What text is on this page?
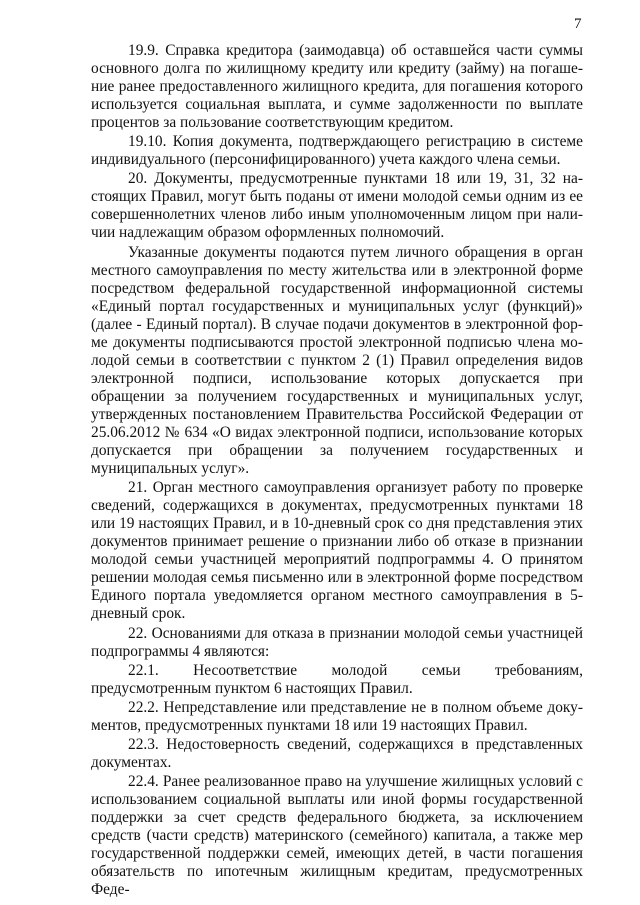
7

19.9. Справка кредитора (заимодавца) об оставшейся части суммы основного долга по жилищному кредиту или кредиту (займу) на погашение ранее предоставленного жилищного кредита, для погашения которого используется социальная выплата, и сумме задолженности по выплате процентов за пользование соответствующим кредитом.

19.10. Копия документа, подтверждающего регистрацию в системе индивидуального (персонифицированного) учета каждого члена семьи.

20. Документы, предусмотренные пунктами 18 или 19, 31, 32 настоящих Правил, могут быть поданы от имени молодой семьи одним из ее совершеннолетних членов либо иным уполномоченным лицом при наличии надлежащим образом оформленных полномочий.

Указанные документы подаются путем личного обращения в орган местного самоуправления по месту жительства или в электронной форме посредством федеральной государственной информационной системы «Единый портал государственных и муниципальных услуг (функций)» (далее - Единый портал). В случае подачи документов в электронной форме документы подписываются простой электронной подписью члена молодой семьи в соответствии с пунктом 2 (1) Правил определения видов электронной подписи, использование которых допускается при обращении за получением государственных и муниципальных услуг, утвержденных постановлением Правительства Российской Федерации от 25.06.2012 № 634 «О видах электронной подписи, использование которых допускается при обращении за получением государственных и муниципальных услуг».

21. Орган местного самоуправления организует работу по проверке сведений, содержащихся в документах, предусмотренных пунктами 18 или 19 настоящих Правил, и в 10-дневный срок со дня представления этих документов принимает решение о признании либо об отказе в признании молодой семьи участницей мероприятий подпрограммы 4. О принятом решении молодая семья письменно или в электронной форме посредством Единого портала уведомляется органом местного самоуправления в 5-дневный срок.

22. Основаниями для отказа в признании молодой семьи участницей подпрограммы 4 являются:

22.1. Несоответствие молодой семьи требованиям, предусмотренным пунктом 6 настоящих Правил.

22.2. Непредставление или представление не в полном объеме документов, предусмотренных пунктами 18 или 19 настоящих Правил.

22.3. Недостоверность сведений, содержащихся в представленных документах.

22.4. Ранее реализованное право на улучшение жилищных условий с использованием социальной выплаты или иной формы государственной поддержки за счет средств федерального бюджета, за исключением средств (части средств) материнского (семейного) капитала, а также мер государственной поддержки семей, имеющих детей, в части погашения обязательств по ипотечным жилищным кредитам, предусмотренных Феде-
